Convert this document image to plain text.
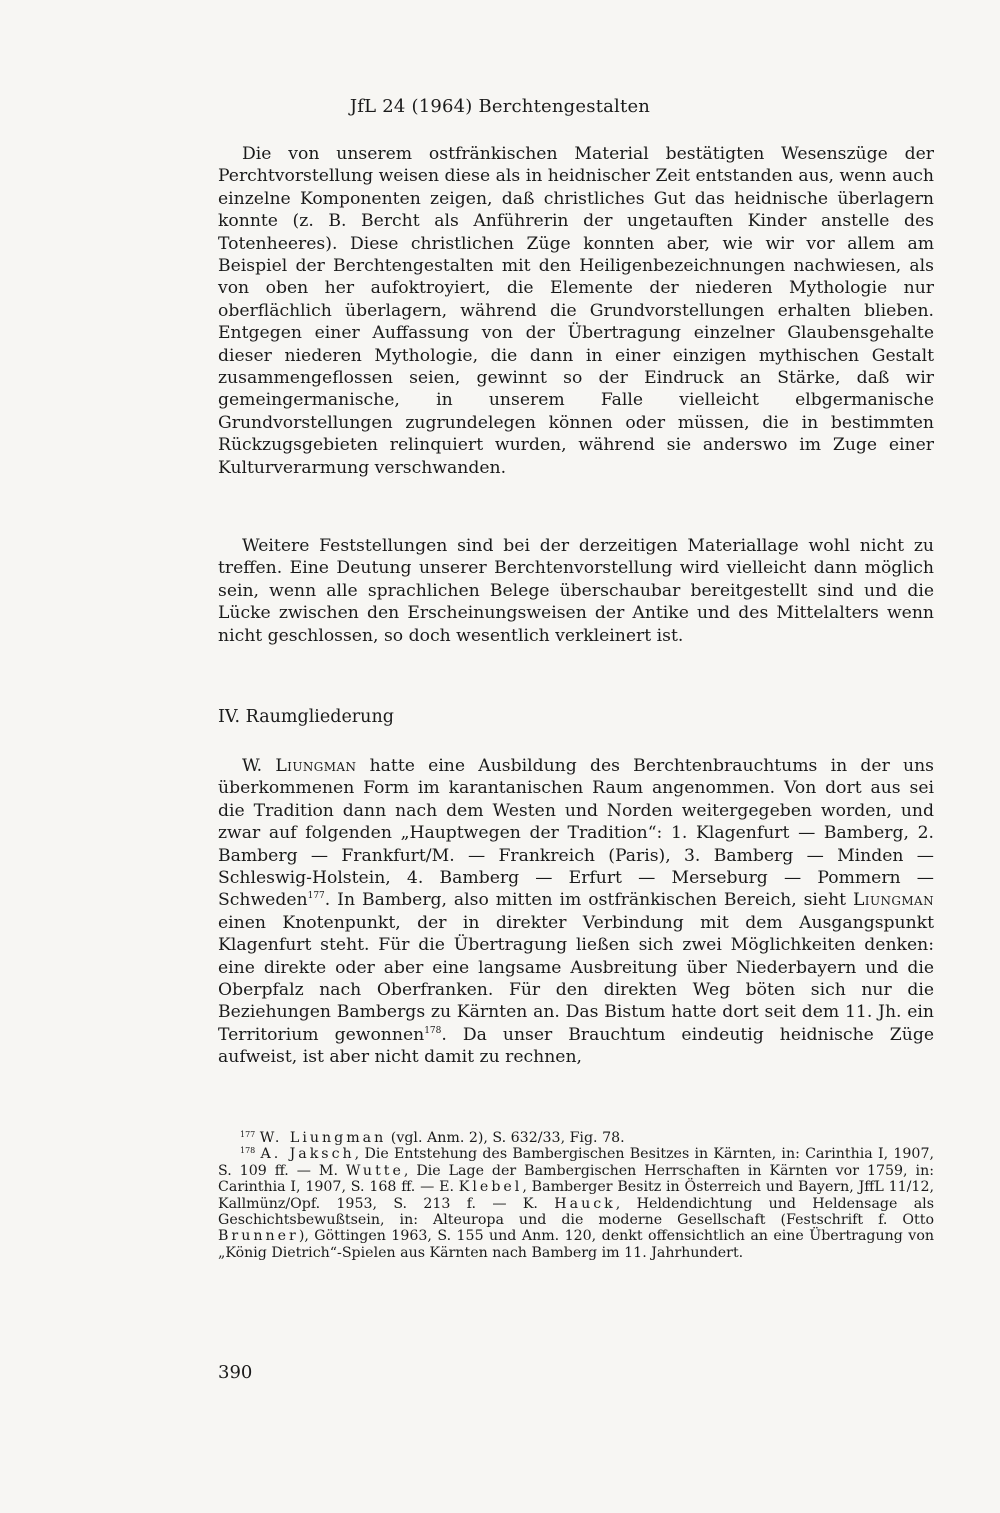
JfL 24 (1964) Berchtengestalten

Die von unserem ostfränkischen Material bestätigten Wesenszüge der Perchtvorstellung weisen diese als in heidnischer Zeit entstanden aus, wenn auch einzelne Komponenten zeigen, daß christliches Gut das heidnische überlagern konnte (z. B. Bercht als Anführerin der ungetauften Kinder anstelle des Totenheeres). Diese christlichen Züge konnten aber, wie wir vor allem am Beispiel der Berchtengestalten mit den Heiligenbezeichnungen nachwiesen, als von oben her aufoktroyiert, die Elemente der niederen Mythologie nur oberflächlich überlagern, während die Grundvorstellungen erhalten blieben. Entgegen einer Auffassung von der Übertragung einzelner Glaubensgehalte dieser niederen Mythologie, die dann in einer einzigen mythischen Gestalt zusammengeflossen seien, gewinnt so der Eindruck an Stärke, daß wir gemeingermanische, in unserem Falle vielleicht elbgermanische Grundvorstellungen zugrundelegen können oder müssen, die in bestimmten Rückzugsgebieten relinquiert wurden, während sie anderswo im Zuge einer Kulturverarmung verschwanden.

Weitere Feststellungen sind bei der derzeitigen Materiallage wohl nicht zu treffen. Eine Deutung unserer Berchtenvorstellung wird vielleicht dann möglich sein, wenn alle sprachlichen Belege überschaubar bereitgestellt sind und die Lücke zwischen den Erscheinungsweisen der Antike und des Mittelalters wenn nicht geschlossen, so doch wesentlich verkleinert ist.

IV. Raumgliederung

W. Liungman hatte eine Ausbildung des Berchtenbrauchtums in der uns überkommenen Form im karantanischen Raum angenommen. Von dort aus sei die Tradition dann nach dem Westen und Norden weitergegeben worden, und zwar auf folgenden „Hauptwegen der Tradition“: 1. Klagenfurt — Bamberg, 2. Bamberg — Frankfurt/M. — Frankreich (Paris), 3. Bamberg — Minden — Schleswig-Holstein, 4. Bamberg — Erfurt — Merseburg — Pommern — Schweden$^{177}$. In Bamberg, also mitten im ostfränkischen Bereich, sieht Liungman einen Knotenpunkt, der in direkter Verbindung mit dem Ausgangspunkt Klagenfurt steht. Für die Übertragung ließen sich zwei Möglichkeiten denken: eine direkte oder aber eine langsame Ausbreitung über Niederbayern und die Oberpfalz nach Oberfranken. Für den direkten Weg böten sich nur die Beziehungen Bambergs zu Kärnten an. Das Bistum hatte dort seit dem 11. Jh. ein Territorium gewonnen$^{178}$. Da unser Brauchtum eindeutig heidnische Züge aufweist, ist aber nicht damit zu rechnen,

$^{177}$ W. Liungman (vgl. Anm. 2), S. 632/33, Fig. 78.

$^{178}$ A. Jaksch, Die Entstehung des Bambergischen Besitzes in Kärnten, in: Carinthia I, 1907, S. 109 ff. — M. Wutte, Die Lage der Bambergischen Herrschaften in Kärnten vor 1759, in: Carinthia I, 1907, S. 168 ff. — E. Klebel, Bamberger Besitz in Österreich und Bayern, JffL 11/12, Kallmünz/Opf. 1953, S. 213 f. — K. Hauck, Heldendichtung und Heldensage als Geschichtsbewußtsein, in: Alteuropa und die moderne Gesellschaft (Festschrift f. Otto Brunner), Göttingen 1963, S. 155 und Anm. 120, denkt offensichtlich an eine Übertragung von „König Dietrich“-Spielen aus Kärnten nach Bamberg im 11. Jahrhundert.

390
